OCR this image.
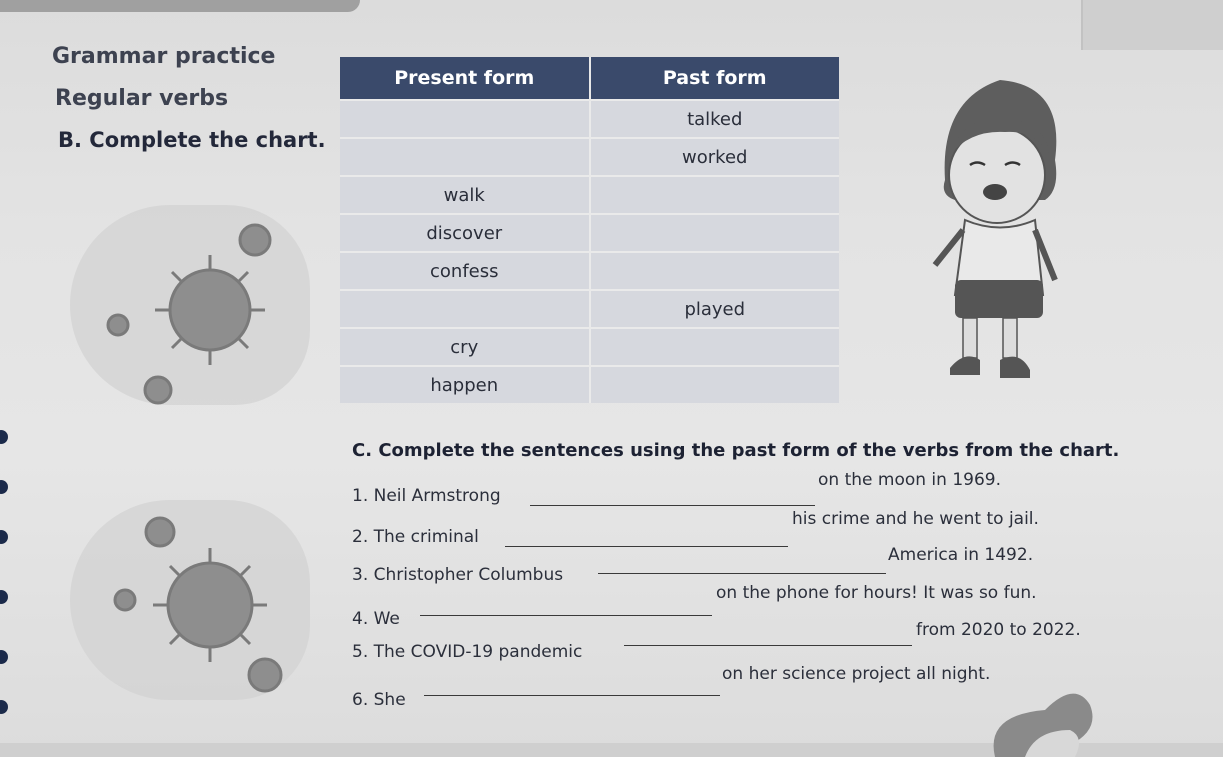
Grammar practice
Regular verbs
B. Complete the chart.
Present form	Past form
	talked
	worked
walk	
discover	
confess	
	played
cry	
happen	
C. Complete the sentences using the past form of the verbs from the chart.
1. Neil Armstrong
on the moon in 1969.
2. The criminal
his crime and he went to jail.
3. Christopher Columbus
America in 1492.
4. We
on the phone for hours! It was so fun.
5. The COVID-19 pandemic
from 2020 to 2022.
6. She
on her science project all night.
